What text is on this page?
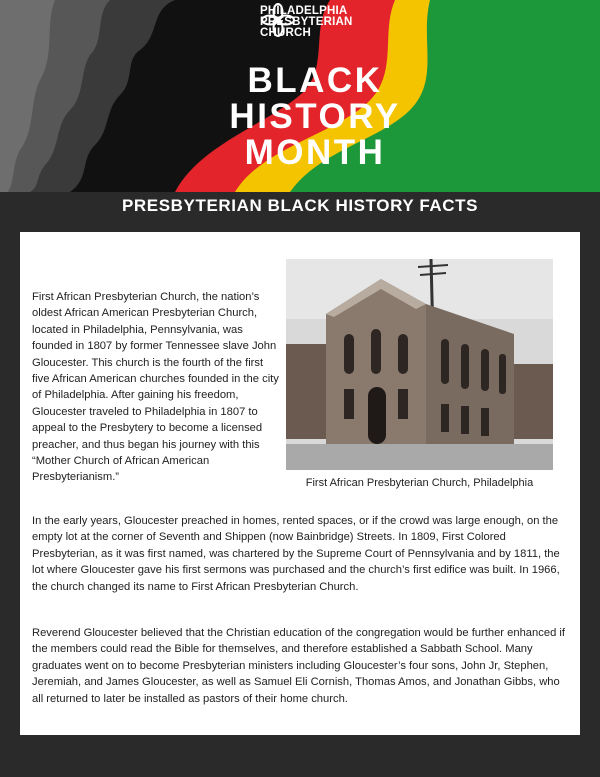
PHILADELPHIA
PRESBYTERIAN
CHURCH
BLACK
HISTORY
MONTH
PRESBYTERIAN BLACK HISTORY FACTS

First African Presbyterian Church, the nation’s oldest African American Presbyterian Church, located in Philadelphia, Pennsylvania, was founded in 1807 by former Tennessee slave John Gloucester. This church is the fourth of the first five African American churches founded in the city of Philadelphia. After gaining his freedom, Gloucester traveled to Philadelphia in 1807 to appeal to the Presbytery to become a licensed preacher, and thus began his journey with this “Mother Church of African American Presbyterianism.”	First African Presbyterian Church, Philadelphia

In the early years, Gloucester preached in homes, rented spaces, or if the crowd was large enough, on the empty lot at the corner of Seventh and Shippen (now Bainbridge) Streets. In 1809, First Colored Presbyterian, as it was first named, was chartered by the Supreme Court of Pennsylvania and by 1811, the lot where Gloucester gave his first sermons was purchased and the church’s first edifice was built. In 1966, the church changed its name to First African Presbyterian Church.

Reverend Gloucester believed that the Christian education of the congregation would be further enhanced if the members could read the Bible for themselves, and therefore established a Sabbath School. Many graduates went on to become Presbyterian ministers including Gloucester’s four sons, John Jr, Stephen, Jeremiah, and James Gloucester, as well as Samuel Eli Cornish, Thomas Amos, and Jonathan Gibbs, who all returned to later be installed as pastors of their home church.
